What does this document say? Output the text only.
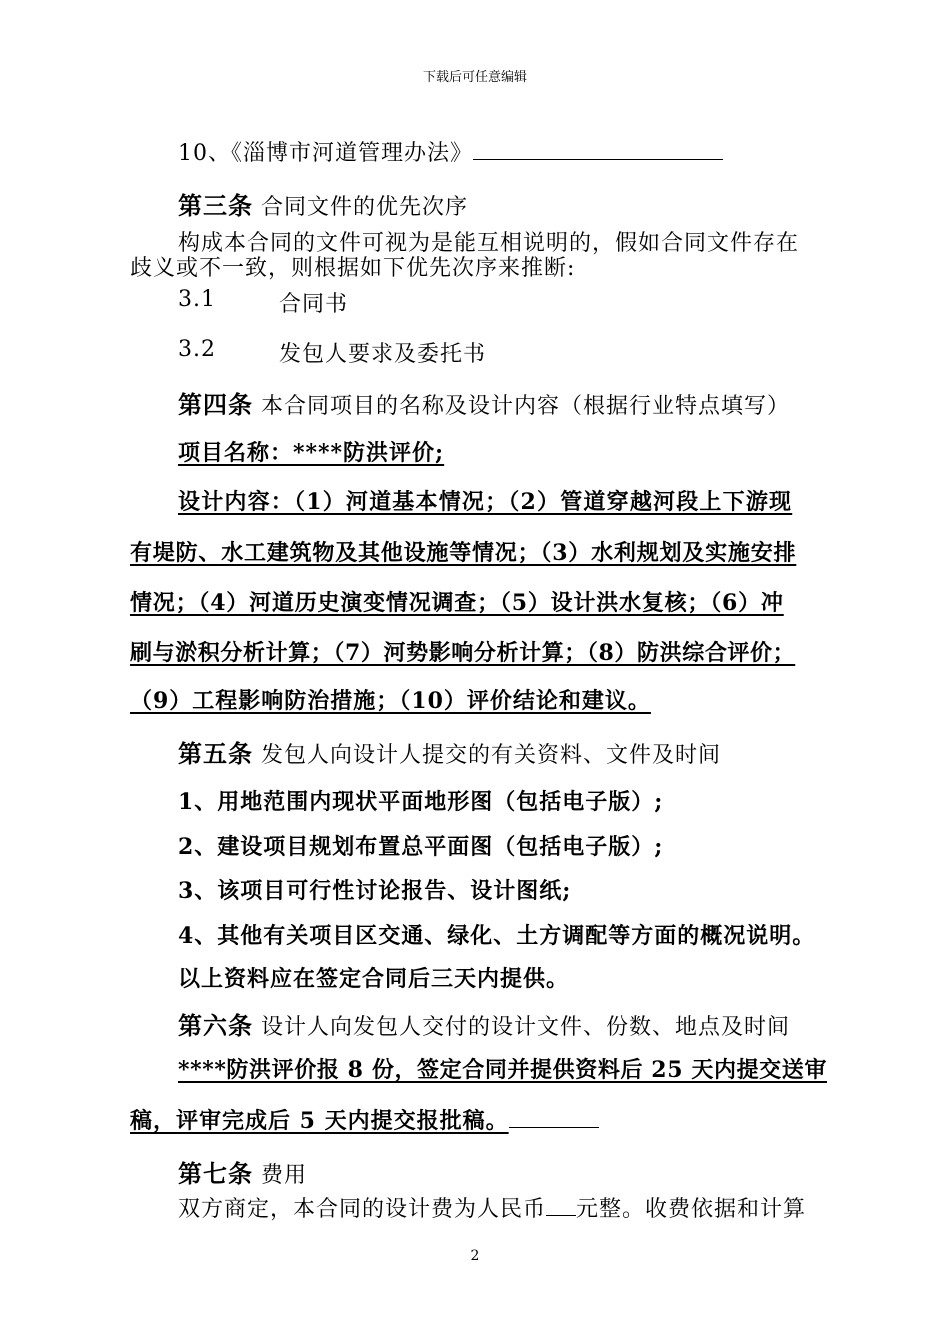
下载后可任意编辑
10、《淄博市河道管理办法》
第三条 合同文件的优先次序
构成本合同的文件可视为是能互相说明的，假如合同文件存在
歧义或不一致，则根据如下优先次序来推断:
3.1	合同书
3.2	发包人要求及委托书
第四条 本合同项目的名称及设计内容（根据行业特点填写）
项目名称：****防洪评价;
设计内容：（1）河道基本情况；（2）管道穿越河段上下游现
有堤防、水工建筑物及其他设施等情况；（3）水利规划及实施安排
情况；（4）河道历史演变情况调查；（5）设计洪水复核；（6）冲
刷与淤积分析计算；（7）河势影响分析计算；（8）防洪综合评价；
（9）工程影响防治措施；（10）评价结论和建议。
第五条 发包人向设计人提交的有关资料、文件及时间
1、用地范围内现状平面地形图（包括电子版）;
2、建设项目规划布置总平面图（包括电子版）;
3、该项目可行性讨论报告、设计图纸;
4、其他有关项目区交通、绿化、土方调配等方面的概况说明。
以上资料应在签定合同后三天内提供。
第六条 设计人向发包人交付的设计文件、份数、地点及时间
****防洪评价报 8 份，签定合同并提供资料后 25 天内提交送审
稿，评审完成后 5 天内提交报批稿。
第七条 费用
双方商定，本合同的设计费为人民币 元整。收费依据和计算
2
